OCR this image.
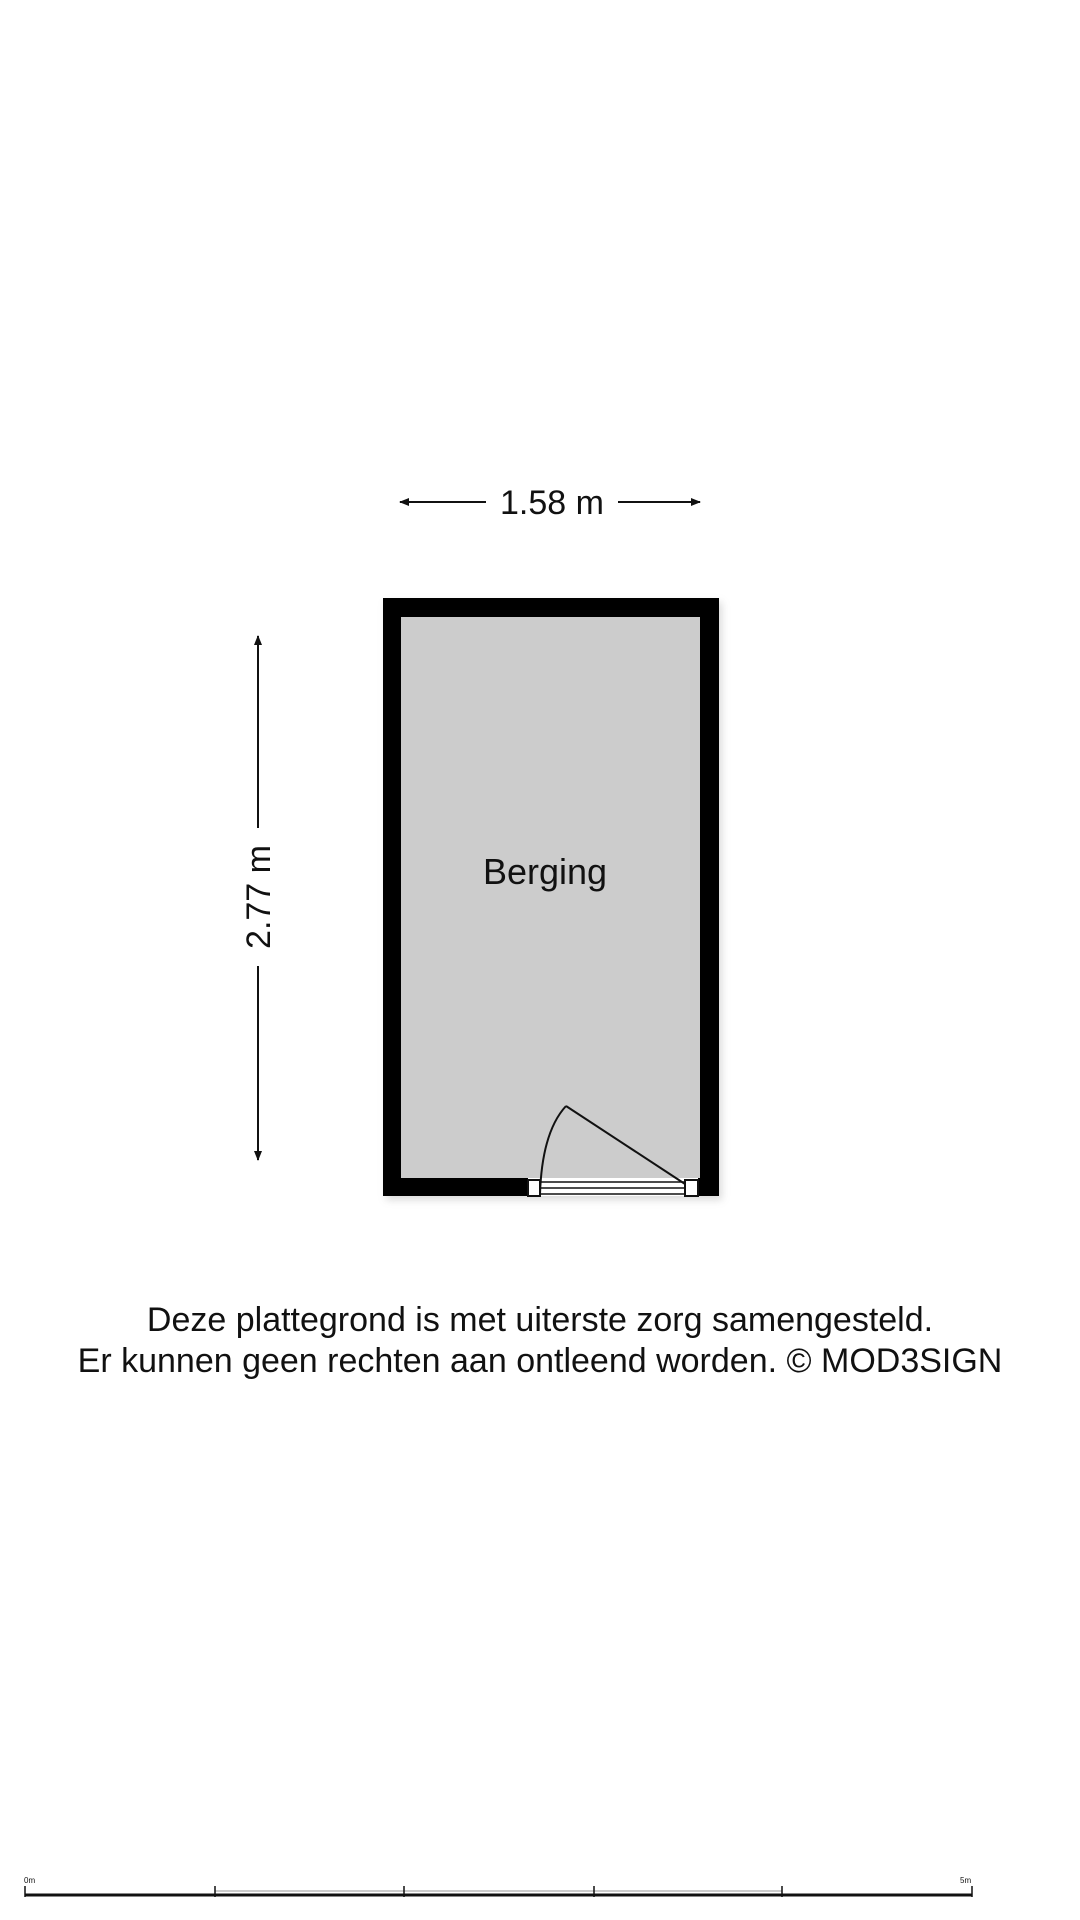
1.58 m
2.77 m	Berging
0m	5m
Deze plattegrond is met uiterste zorg samengesteld.
Er kunnen geen rechten aan ontleend worden. © MOD3SIGN
